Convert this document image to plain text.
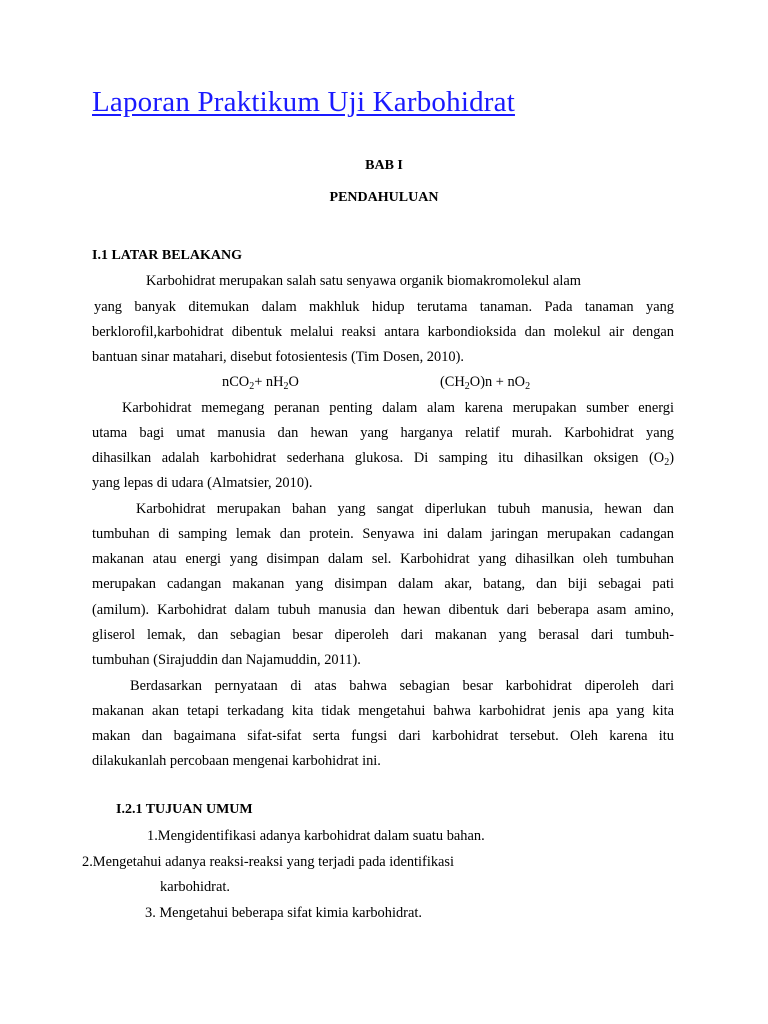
Laporan Praktikum Uji Karbohidrat

BAB I

PENDAHULUAN

I.1 LATAR BELAKANG

Karbohidrat merupakan salah satu senyawa organik biomakromolekul alam

yang banyak ditemukan dalam makhluk hidup terutama tanaman. Pada tanaman yang

berklorofil,karbohidrat dibentuk melalui reaksi antara karbondioksida dan molekul air dengan

bantuan sinar matahari, disebut fotosientesis (Tim Dosen, 2010).

$nCO_2+ nH_2O$	$(CH_2O)n + nO_2$

Karbohidrat memegang peranan penting dalam alam karena merupakan sumber energi

utama bagi umat manusia dan hewan yang harganya relatif murah. Karbohidrat yang

dihasilkan adalah karbohidrat sederhana glukosa. Di samping itu dihasilkan oksigen $(O_2)$

yang lepas di udara (Almatsier, 2010).

Karbohidrat merupakan bahan yang sangat diperlukan tubuh manusia, hewan dan

tumbuhan di samping lemak dan protein. Senyawa ini dalam jaringan merupakan cadangan

makanan atau energi yang disimpan dalam sel. Karbohidrat yang dihasilkan oleh tumbuhan

merupakan cadangan makanan yang disimpan dalam akar, batang, dan biji sebagai pati

(amilum). Karbohidrat dalam tubuh manusia dan hewan dibentuk dari beberapa asam amino,

gliserol lemak, dan sebagian besar diperoleh dari makanan yang berasal dari tumbuh-

tumbuhan (Sirajuddin dan Najamuddin, 2011).

Berdasarkan pernyataan di atas bahwa sebagian besar karbohidrat diperoleh dari

makanan akan tetapi terkadang kita tidak mengetahui bahwa karbohidrat jenis apa yang kita

makan dan bagaimana sifat-sifat serta fungsi dari karbohidrat tersebut. Oleh karena itu

dilakukanlah percobaan mengenai karbohidrat ini.

I.2.1 TUJUAN UMUM

1.Mengidentifikasi adanya karbohidrat dalam suatu bahan.

2.Mengetahui adanya reaksi-reaksi yang terjadi pada identifikasi

karbohidrat.

3. Mengetahui beberapa sifat kimia karbohidrat.
